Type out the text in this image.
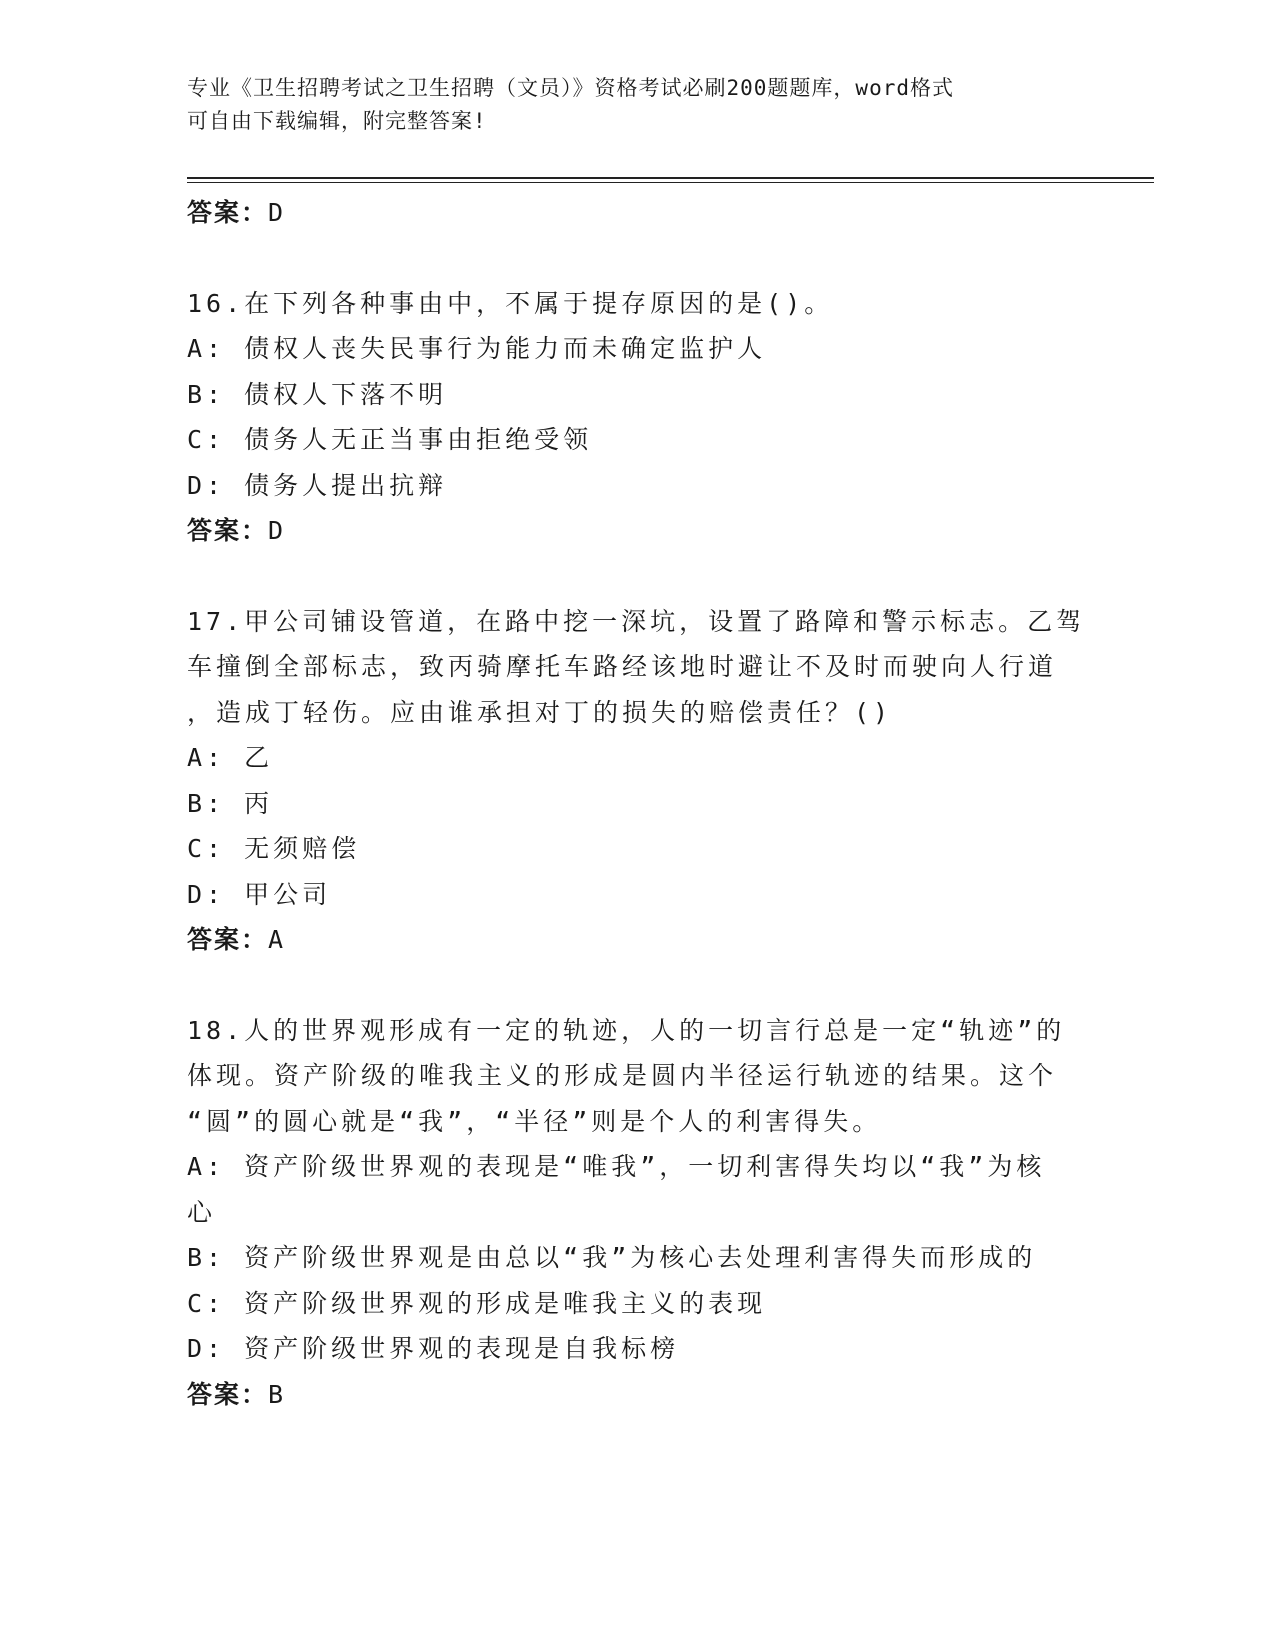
专业《卫生招聘考试之卫生招聘（文员）》资格考试必刷200题题库，word格式
可自由下载编辑，附完整答案!
答案：D
16.在下列各种事由中，不属于提存原因的是()。
A: 债权人丧失民事行为能力而未确定监护人
B: 债权人下落不明
C: 债务人无正当事由拒绝受领
D: 债务人提出抗辩
答案：D
17.甲公司铺设管道，在路中挖一深坑，设置了路障和警示标志。乙驾
车撞倒全部标志，致丙骑摩托车路经该地时避让不及时而驶向人行道
，造成丁轻伤。应由谁承担对丁的损失的赔偿责任？()
A: 乙
B: 丙
C: 无须赔偿
D: 甲公司
答案：A
18.人的世界观形成有一定的轨迹，人的一切言行总是一定“轨迹”的
体现。资产阶级的唯我主义的形成是圆内半径运行轨迹的结果。这个
“圆”的圆心就是“我”，“半径”则是个人的利害得失。
A: 资产阶级世界观的表现是“唯我”，一切利害得失均以“我”为核
心
B: 资产阶级世界观是由总以“我”为核心去处理利害得失而形成的
C: 资产阶级世界观的形成是唯我主义的表现
D: 资产阶级世界观的表现是自我标榜
答案：B
